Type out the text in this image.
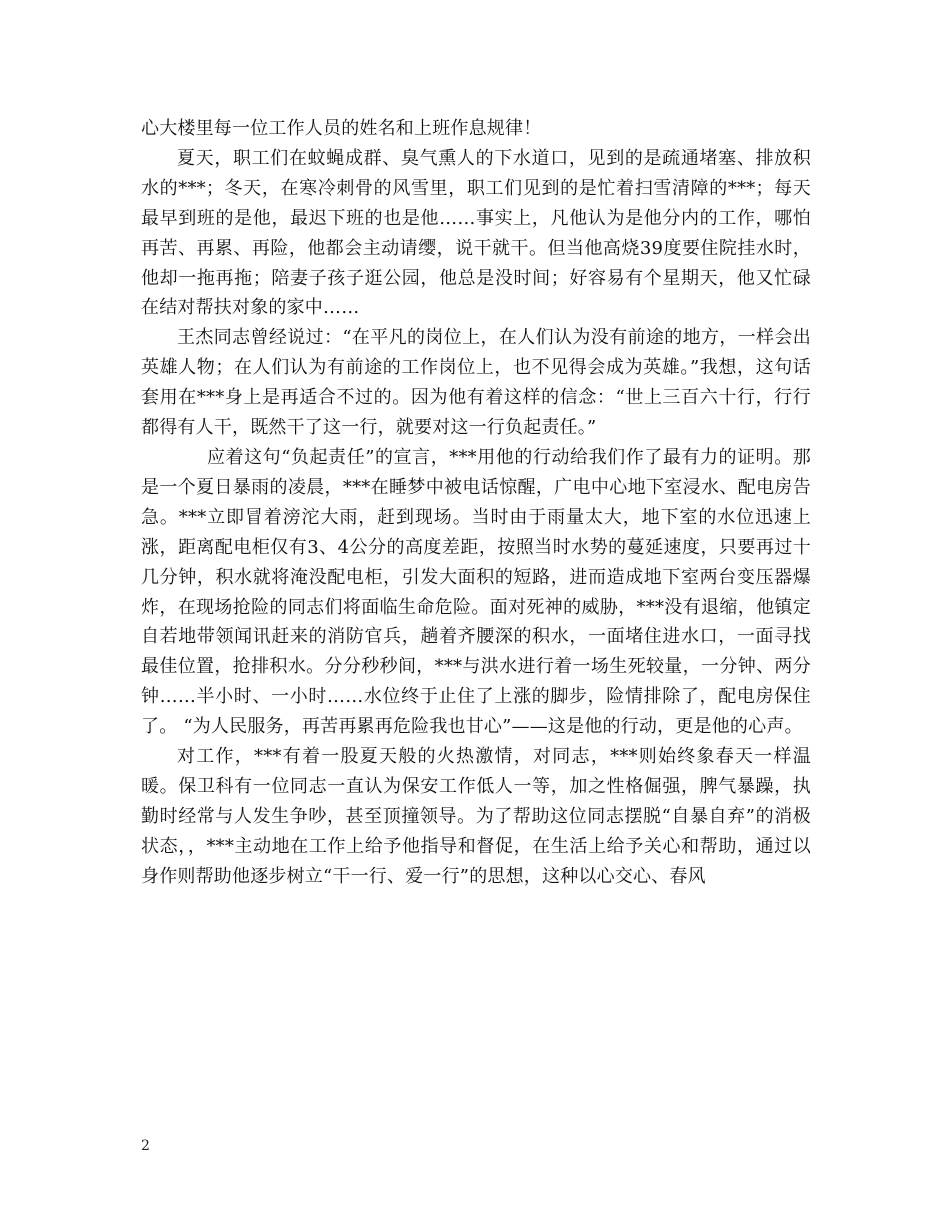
心大楼里每一位工作人员的姓名和上班作息规律！

夏天，职工们在蚊蝇成群、臭气熏人的下水道口，见到的是疏通堵塞、排放积水的***；冬天，在寒冷刺骨的风雪里，职工们见到的是忙着扫雪清障的***；每天最早到班的是他，最迟下班的也是他……事实上，凡他认为是他分内的工作，哪怕再苦、再累、再险，他都会主动请缨，说干就干。但当他高烧39度要住院挂水时，他却一拖再拖；陪妻子孩子逛公园，他总是没时间；好容易有个星期天，他又忙碌在结对帮扶对象的家中……

王杰同志曾经说过：“在平凡的岗位上，在人们认为没有前途的地方，一样会出英雄人物；在人们认为有前途的工作岗位上，也不见得会成为英雄。”我想，这句话套用在***身上是再适合不过的。因为他有着这样的信念：“世上三百六十行，行行都得有人干，既然干了这一行，就要对这一行负起责任。”

应着这句“负起责任”的宣言，***用他的行动给我们作了最有力的证明。那是一个夏日暴雨的凌晨，***在睡梦中被电话惊醒，广电中心地下室浸水、配电房告急。***立即冒着滂沱大雨，赶到现场。当时由于雨量太大，地下室的水位迅速上涨，距离配电柜仅有3、4公分的高度差距，按照当时水势的蔓延速度，只要再过十几分钟，积水就将淹没配电柜，引发大面积的短路，进而造成地下室两台变压器爆炸，在现场抢险的同志们将面临生命危险。面对死神的威胁，***没有退缩，他镇定自若地带领闻讯赶来的消防官兵，趟着齐腰深的积水，一面堵住进水口，一面寻找最佳位置，抢排积水。分分秒秒间，***与洪水进行着一场生死较量，一分钟、两分钟……半小时、一小时……水位终于止住了上涨的脚步，险情排除了，配电房保住了。 “为人民服务，再苦再累再危险我也甘心”——这是他的行动，更是他的心声。

对工作，***有着一股夏天般的火热激情，对同志，***则始终象春天一样温暖。保卫科有一位同志一直认为保安工作低人一等，加之性格倔强，脾气暴躁，执勤时经常与人发生争吵，甚至顶撞领导。为了帮助这位同志摆脱“自暴自弃”的消极状态，，***主动地在工作上给予他指导和督促，在生活上给予关心和帮助，通过以身作则帮助他逐步树立“干一行、爱一行”的思想，这种以心交心、春风

2
